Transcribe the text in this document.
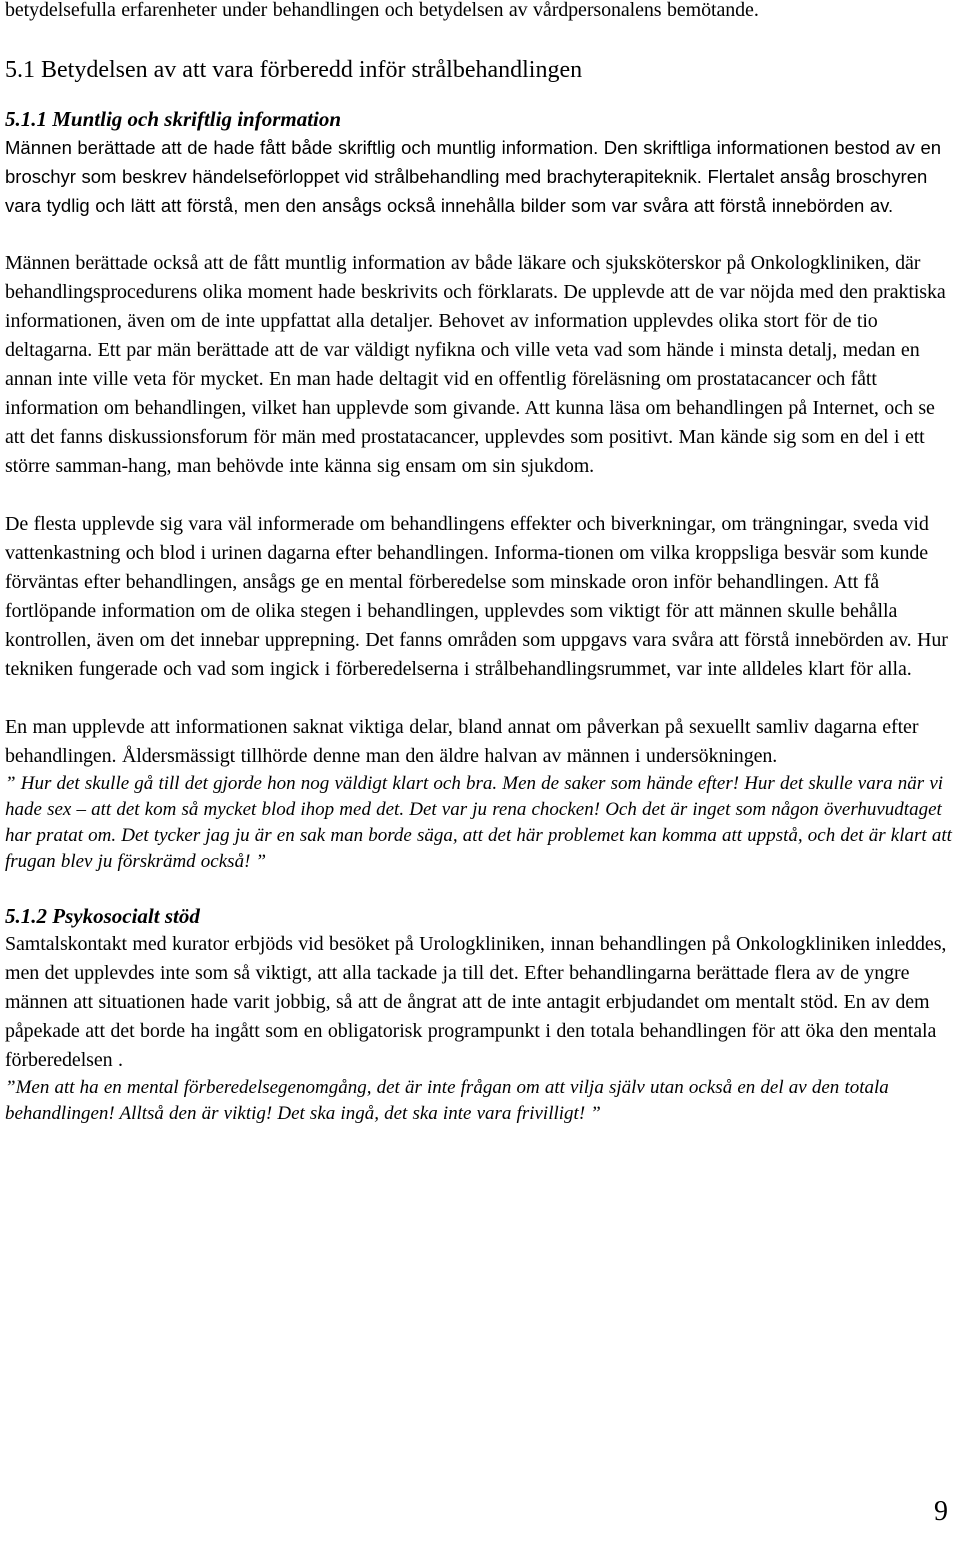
betydelsefulla erfarenheter under behandlingen och betydelsen av vårdpersonalens bemötande.

5.1 Betydelsen av att vara förberedd inför strålbehandlingen
5.1.1 Muntlig och skriftlig information

Männen berättade att de hade fått både skriftlig och muntlig information. Den skriftliga informationen bestod av en broschyr som beskrev händelseförloppet vid strålbehandling med brachyterapiteknik. Flertalet ansåg broschyren vara tydlig och lätt att förstå, men den ansågs också innehålla bilder som var svåra att förstå innebörden av.

Männen berättade också att de fått muntlig information av både läkare och sjuksköterskor på Onkologkliniken, där behandlingsprocedurens olika moment hade beskrivits och förklarats. De upplevde att de var nöjda med den praktiska informationen, även om de inte uppfattat alla detaljer. Behovet av information upplevdes olika stort för de tio deltagarna. Ett par män berättade att de var väldigt nyfikna och ville veta vad som hände i minsta detalj, medan en annan inte ville veta för mycket. En man hade deltagit vid en offentlig föreläsning om prostatacancer och fått information om behandlingen, vilket han upplevde som givande. Att kunna läsa om behandlingen på Internet, och se att det fanns diskussionsforum för män med prostatacancer, upplevdes som positivt. Man kände sig som en del i ett större samman-hang, man behövde inte känna sig ensam om sin sjukdom.

De flesta upplevde sig vara väl informerade om behandlingens effekter och biverkningar, om trängningar, sveda vid vattenkastning och blod i urinen dagarna efter behandlingen. Informa-tionen om vilka kroppsliga besvär som kunde förväntas efter behandlingen, ansågs ge en mental förberedelse som minskade oron inför behandlingen. Att få fortlöpande information om de olika stegen i behandlingen, upplevdes som viktigt för att männen skulle behålla kontrollen, även om det innebar upprepning. Det fanns områden som uppgavs vara svåra att förstå innebörden av. Hur tekniken fungerade och vad som ingick i förberedelserna i strålbehandlingsrummet, var inte alldeles klart för alla.

En man upplevde att informationen saknat viktiga delar, bland annat om påverkan på sexuellt samliv dagarna efter behandlingen. Åldersmässigt tillhörde denne man den äldre halvan av männen i undersökningen.

” Hur det skulle gå till det gjorde hon nog väldigt klart och bra. Men de saker som hände efter! Hur det skulle vara när vi hade sex – att det kom så mycket blod ihop med det. Det var ju rena chocken! Och det är inget som någon överhuvudtaget har pratat om. Det tycker jag ju är en sak man borde säga, att det här problemet kan komma att uppstå, och det är klart att frugan blev ju förskrämd också! ”

5.1.2 Psykosocialt stöd

Samtalskontakt med kurator erbjöds vid besöket på Urologkliniken, innan behandlingen på Onkologkliniken inleddes, men det upplevdes inte som så viktigt, att alla tackade ja till det. Efter behandlingarna berättade flera av de yngre männen att situationen hade varit jobbig, så att de ångrat att de inte antagit erbjudandet om mentalt stöd. En av dem påpekade att det borde ha ingått som en obligatorisk programpunkt i den totala behandlingen för att öka den mentala förberedelsen .

”Men att ha en mental förberedelsegenomgång, det är inte frågan om att vilja själv utan också en del av den totala behandlingen! Alltså den är viktig! Det ska ingå, det ska inte vara frivilligt! ”

9
